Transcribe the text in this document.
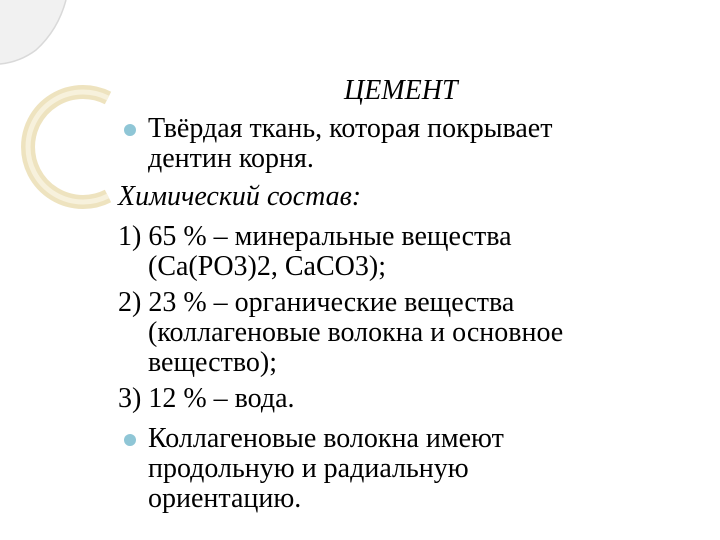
ЦЕМЕНТ

Твёрдая ткань, которая покрывает

дентин корня.

Химический состав:

1) 65 % – минеральные вещества

(Ca(PO3)2, CaCO3);

2) 23 % – органические вещества

(коллагеновые волокна и основное

вещество);

3) 12 % – вода.

Коллагеновые волокна имеют

продольную и радиальную

ориентацию.
